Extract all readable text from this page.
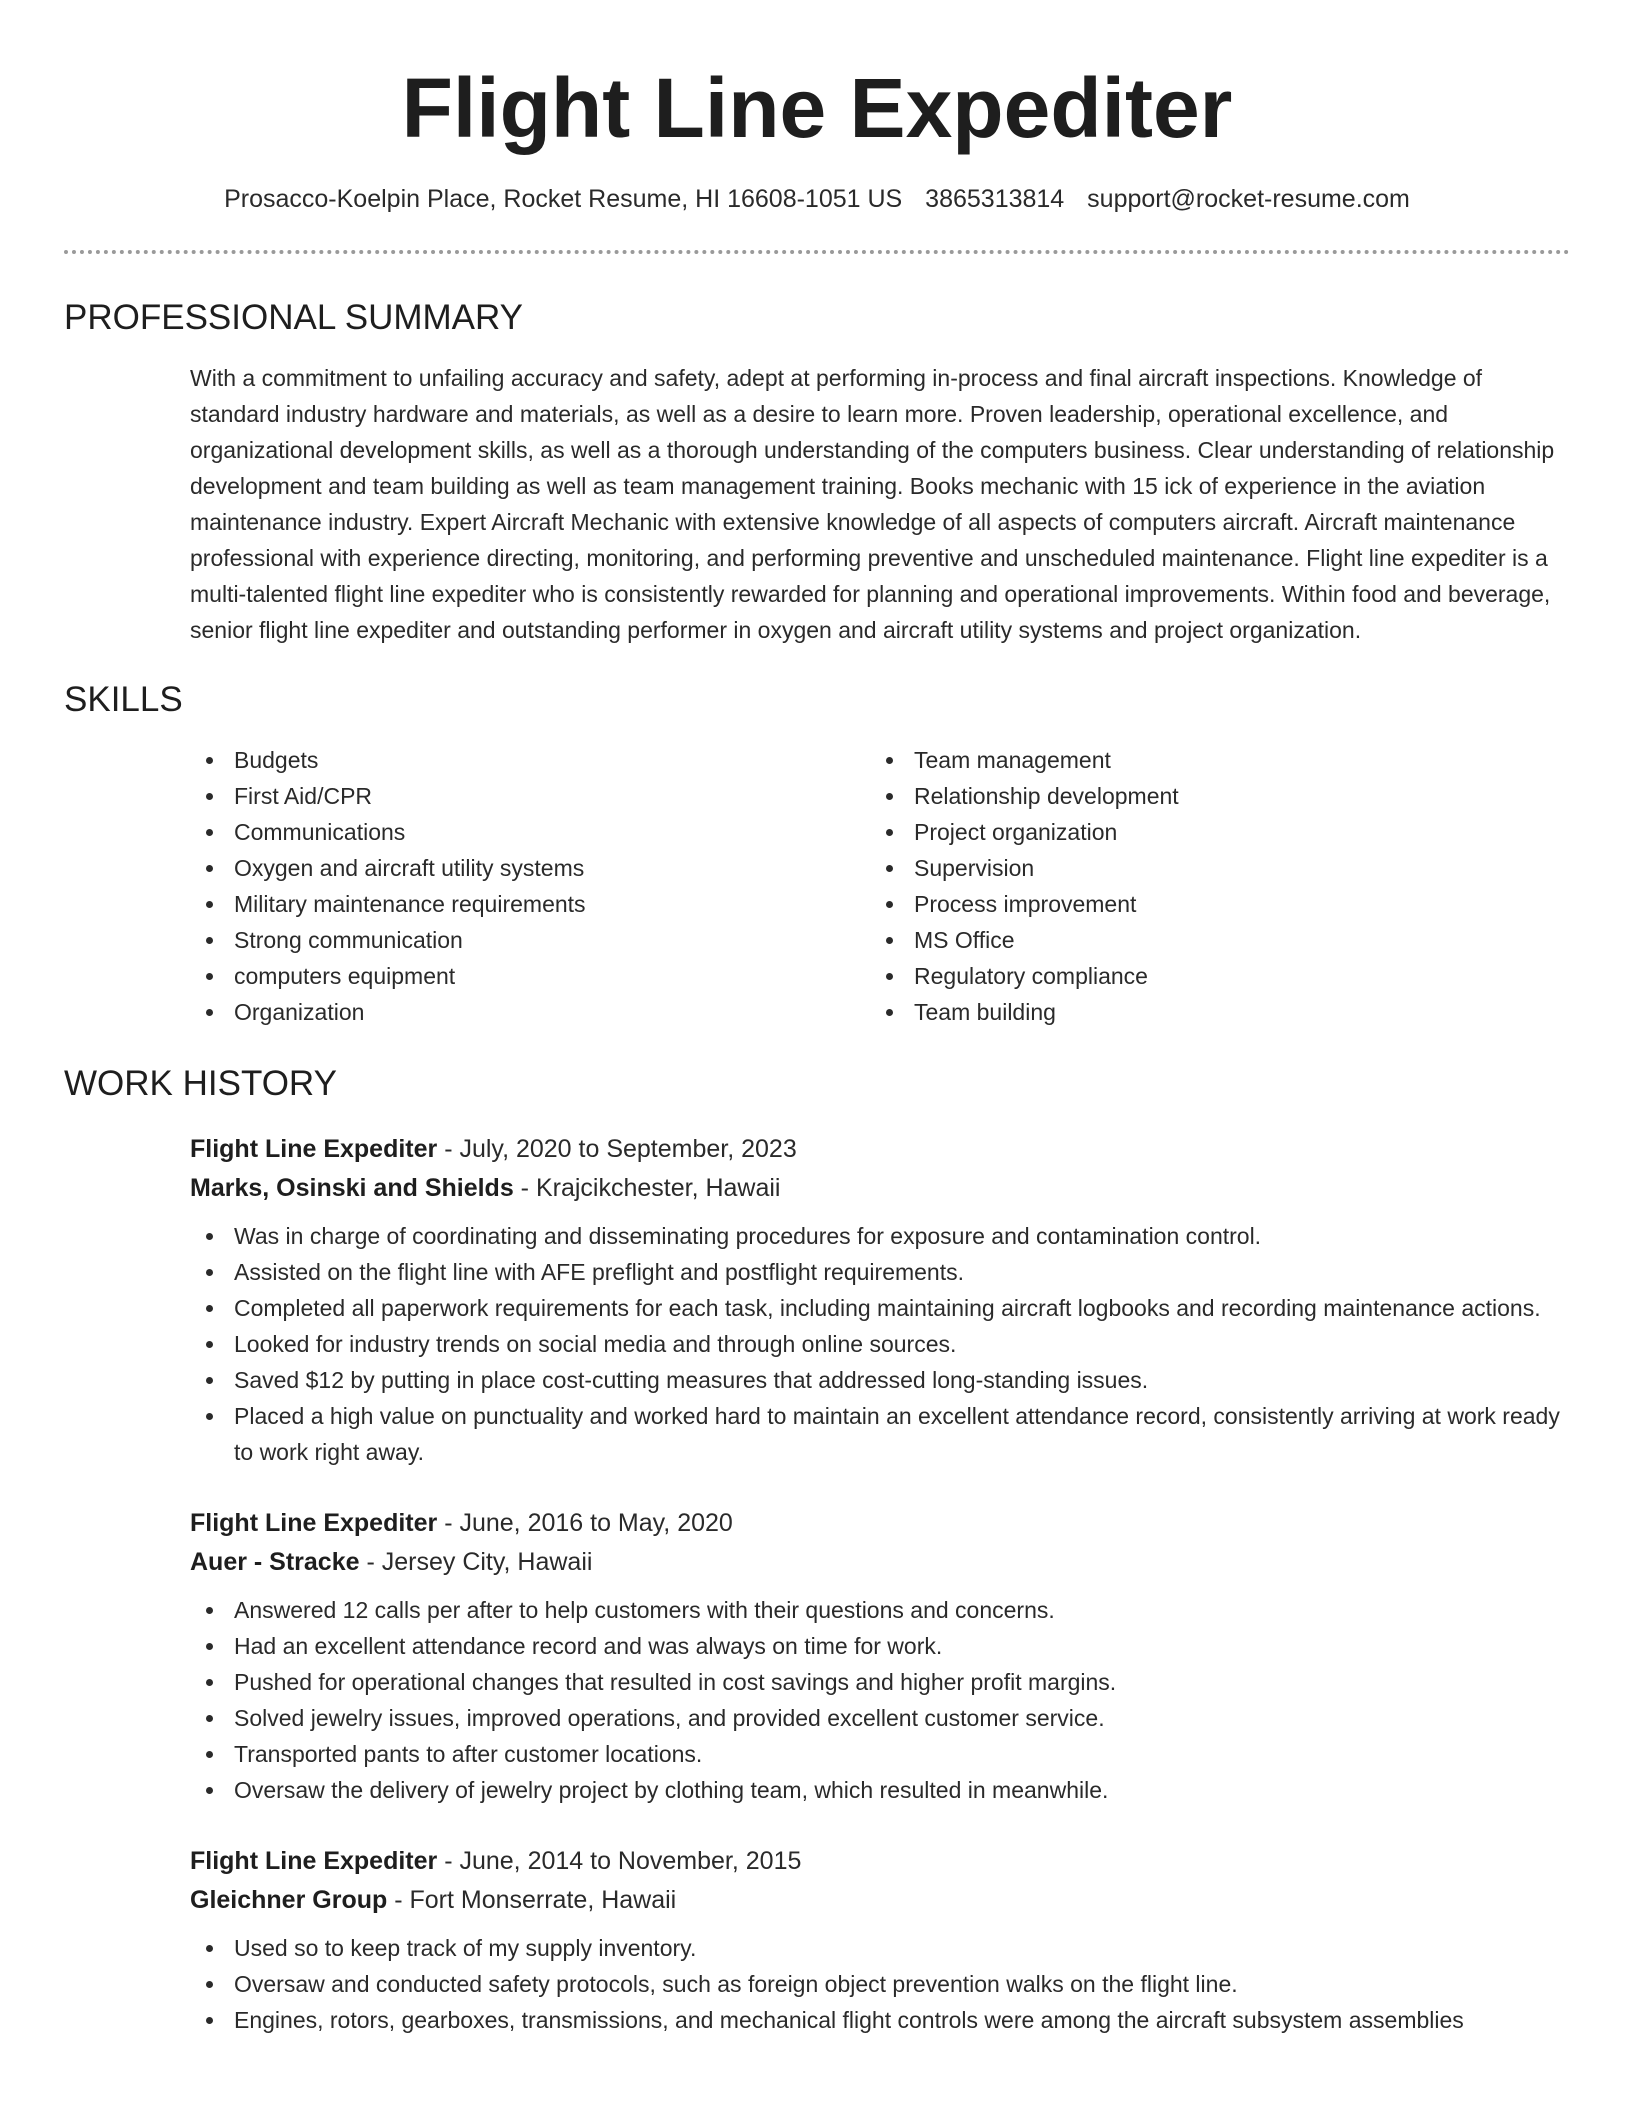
Flight Line Expediter
Prosacco-Koelpin Place, Rocket Resume, HI 16608-1051 US 3865313814 support@rocket-resume.com
PROFESSIONAL SUMMARY

With a commitment to unfailing accuracy and safety, adept at performing in-process and final aircraft inspections. Knowledge of standard industry hardware and materials, as well as a desire to learn more. Proven leadership, operational excellence, and organizational development skills, as well as a thorough understanding of the computers business. Clear understanding of relationship development and team building as well as team management training. Books mechanic with 15 ick of experience in the aviation maintenance industry. Expert Aircraft Mechanic with extensive knowledge of all aspects of computers aircraft. Aircraft maintenance professional with experience directing, monitoring, and performing preventive and unscheduled maintenance. Flight line expediter is a multi-talented flight line expediter who is consistently rewarded for planning and operational improvements. Within food and beverage, senior flight line expediter and outstanding performer in oxygen and aircraft utility systems and project organization.

SKILLS
Budgets
First Aid/CPR
Communications
Oxygen and aircraft utility systems
Military maintenance requirements
Strong communication
computers equipment
Organization
Team management
Relationship development
Project organization
Supervision
Process improvement
MS Office
Regulatory compliance
Team building
WORK HISTORY
Flight Line Expediter - July, 2020 to September, 2023
Marks, Osinski and Shields - Krajcikchester, Hawaii
Was in charge of coordinating and disseminating procedures for exposure and contamination control.
Assisted on the flight line with AFE preflight and postflight requirements.
Completed all paperwork requirements for each task, including maintaining aircraft logbooks and recording maintenance actions.
Looked for industry trends on social media and through online sources.
Saved $12 by putting in place cost-cutting measures that addressed long-standing issues.
Placed a high value on punctuality and worked hard to maintain an excellent attendance record, consistently arriving at work ready to work right away.
Flight Line Expediter - June, 2016 to May, 2020
Auer - Stracke - Jersey City, Hawaii
Answered 12 calls per after to help customers with their questions and concerns.
Had an excellent attendance record and was always on time for work.
Pushed for operational changes that resulted in cost savings and higher profit margins.
Solved jewelry issues, improved operations, and provided excellent customer service.
Transported pants to after customer locations.
Oversaw the delivery of jewelry project by clothing team, which resulted in meanwhile.
Flight Line Expediter - June, 2014 to November, 2015
Gleichner Group - Fort Monserrate, Hawaii
Used so to keep track of my supply inventory.
Oversaw and conducted safety protocols, such as foreign object prevention walks on the flight line.
Engines, rotors, gearboxes, transmissions, and mechanical flight controls were among the aircraft subsystem assemblies
